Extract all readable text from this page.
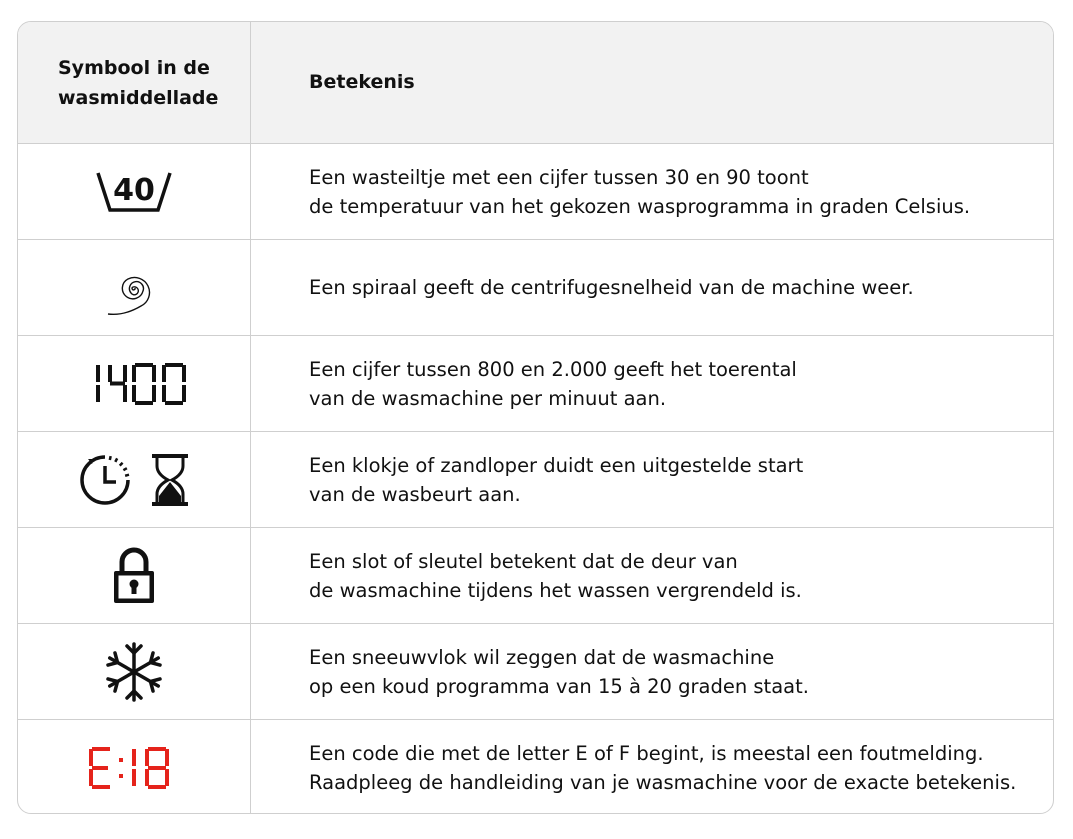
Symbool in de
wasmiddellade
Betekenis
40	Een wasteiltje met een cijfer tussen 30 en 90 toont
de temperatuur van het gekozen wasprogramma in graden Celsius.
Een spiraal geeft de centrifugesnelheid van de machine weer.
Een cijfer tussen 800 en 2.000 geeft het toerental
van de wasmachine per minuut aan.
Een klokje of zandloper duidt een uitgestelde start
van de wasbeurt aan.
Een slot of sleutel betekent dat de deur van
de wasmachine tijdens het wassen vergrendeld is.
Een sneeuwvlok wil zeggen dat de wasmachine
op een koud programma van 15 à 20 graden staat.
Een code die met de letter E of F begint, is meestal een foutmelding.
Raadpleeg de handleiding van je wasmachine voor de exacte betekenis.
